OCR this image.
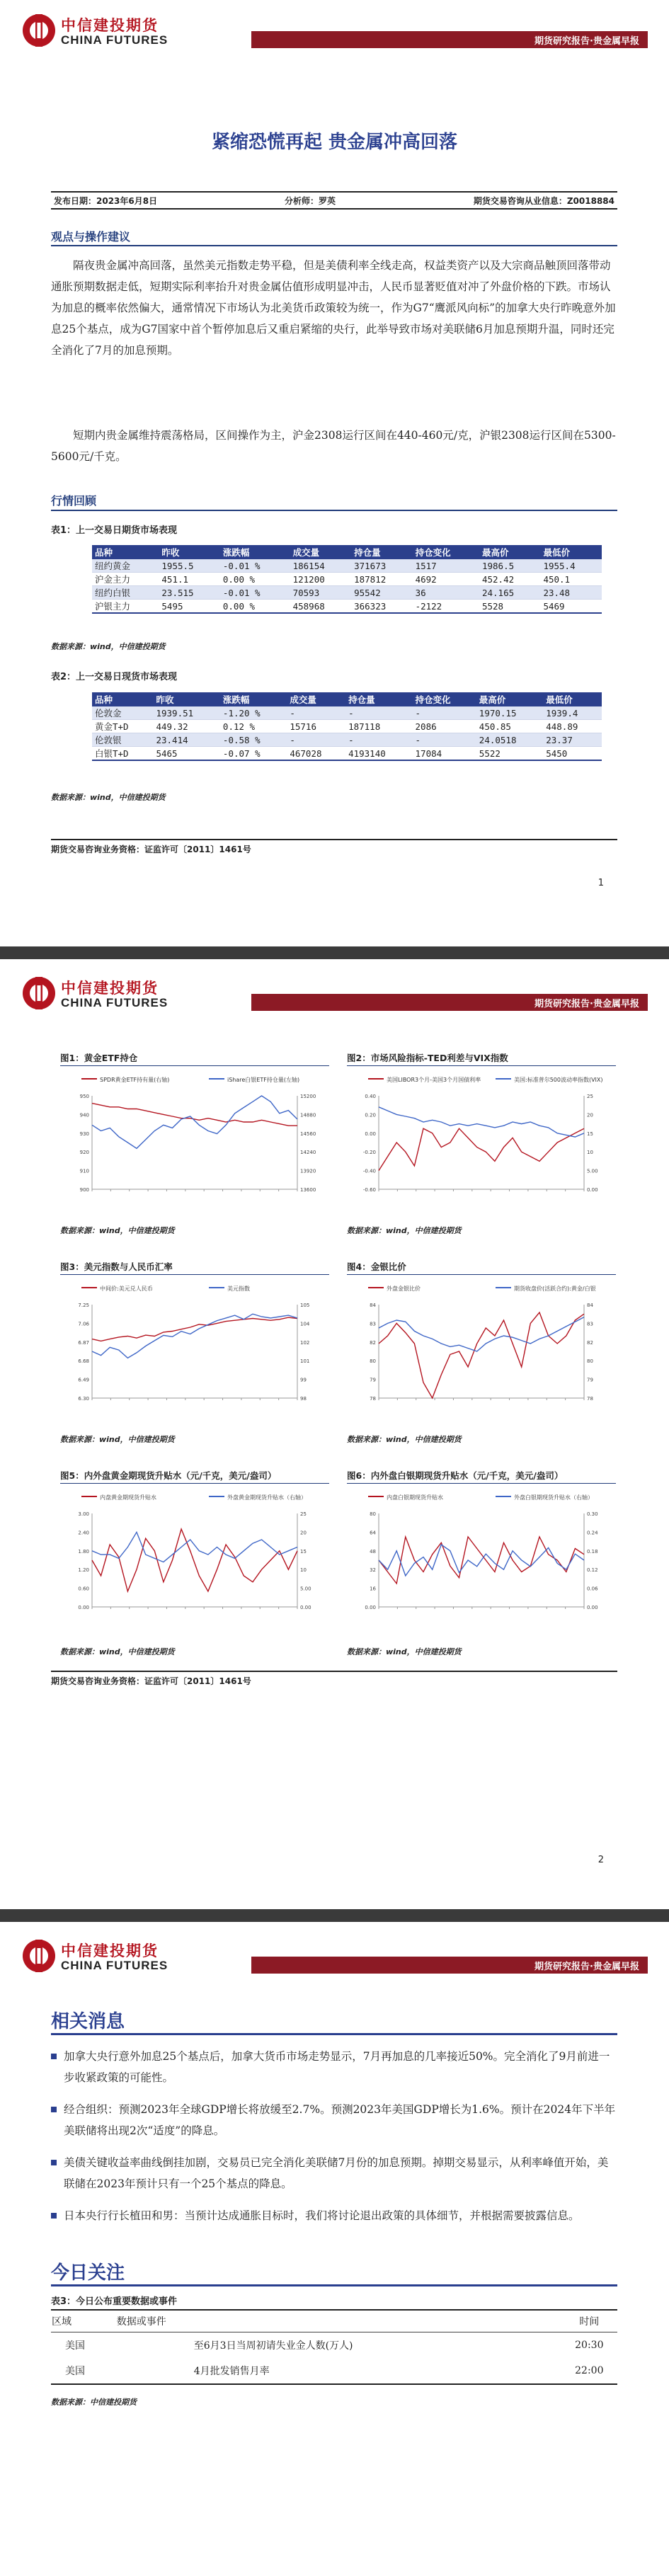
中信建投期货
CHINA FUTURES	期货研究报告·贵金属早报
紧缩恐慌再起 贵金属冲高回落
发布日期：2023年6月8日	分析师：罗英	期货交易咨询从业信息：Z0018884
观点与操作建议
隔夜贵金属冲高回落，虽然美元指数走势平稳，但是美债利率全线走高，权益类资产以及大宗商品触顶回落带动通胀预期数据走低，短期实际利率抬升对贵金属估值形成明显冲击，人民币显著贬值对冲了外盘价格的下跌。市场认为加息的概率依然偏大，通常情况下市场认为北美货币政策较为统一，作为G7“鹰派风向标”的加拿大央行昨晚意外加息25个基点，成为G7国家中首个暂停加息后又重启紧缩的央行，此举导致市场对美联储6月加息预期升温，同时还完全消化了7月的加息预期。
短期内贵金属维持震荡格局，区间操作为主，沪金2308运行区间在440-460元/克，沪银2308运行区间在5300-5600元/千克。
行情回顾
表1：上一交易日期货市场表现
品种	昨收	涨跌幅	成交量	持仓量	持仓变化	最高价	最低价
纽约黄金	1955.5	-0.01 %	186154	371673	1517	1986.5	1955.4
沪金主力	451.1	0.00 %	121200	187812	4692	452.42	450.1
纽约白银	23.515	-0.01 %	70593	95542	36	24.165	23.48
沪银主力	5495	0.00 %	458968	366323	-2122	5528	5469
数据来源：wind，中信建投期货
表2：上一交易日现货市场表现
品种	昨收	涨跌幅	成交量	持仓量	持仓变化	最高价	最低价
伦敦金	1939.51	-1.20 %	-	-	-	1970.15	1939.4
黄金T+D	449.32	0.12 %	15716	187118	2086	450.85	448.89
伦敦银	23.414	-0.58 %	-	-	-	24.0518	23.37
白银T+D	5465	-0.07 %	467028	4193140	17084	5522	5450
数据来源：wind，中信建投期货
期货交易咨询业务资格：证监许可〔2011〕1461号
1
中信建投期货
CHINA FUTURES	期货研究报告·贵金属早报
图1：黄金ETF持仓
SPDR黄金ETF持有量(右轴)	iShare白银ETF持仓量(左轴)
900	13600
910	13920
920	14240
930	14560
940	14880
950	15200
数据来源：wind，中信建投期货
图2：市场风险指标-TED利差与VIX指数
美国LIBOR3个月-美国3个月国债利率	美国:标准普尔500波动率指数(VIX)
-0.60	0.00
-0.40	5.00
-0.20	10
0.00	15
0.20	20
0.40	25
数据来源：wind，中信建投期货
图3：美元指数与人民币汇率
中间价:美元兑人民币	美元指数
6.30	98
6.49	99
6.68	101
6.87	102
7.06	104
7.25	105
数据来源：wind，中信建投期货
图4：金银比价
外盘金银比价	期货收盘价(活跃合约):黄金/白银
78	78
79	79
80	80
82	82
83	83
84	84
数据来源：wind，中信建投期货
图5：内外盘黄金期现货升贴水（元/千克，美元/盎司）
内盘黄金期现货升贴水	外盘黄金期现货升贴水（右轴）
0.00	0.00
0.60	5.00
1.20	10
1.80	15
2.40	20
3.00	25
数据来源：wind，中信建投期货
图6：内外盘白银期现货升贴水（元/千克，美元/盎司）
内盘白银期现货升贴水	外盘白银期现货升贴水（右轴）
0.00	0.00
16	0.06
32	0.12
48	0.18
64	0.24
80	0.30
数据来源：wind，中信建投期货
期货交易咨询业务资格：证监许可〔2011〕1461号
2
中信建投期货
CHINA FUTURES	期货研究报告·贵金属早报
相关消息
加拿大央行意外加息25个基点后，加拿大货币市场走势显示，7月再加息的几率接近50%。完全消化了9月前进一步收紧政策的可能性。
经合组织：预测2023年全球GDP增长将放缓至2.7%。预测2023年美国GDP增长为1.6%。预计在2024年下半年美联储将出现2次“适度”的降息。
美债关键收益率曲线倒挂加剧，交易员已完全消化美联储7月份的加息预期。掉期交易显示，从利率峰值开始，美联储在2023年预计只有一个25个基点的降息。
日本央行行长植田和男：当预计达成通胀目标时，我们将讨论退出政策的具体细节，并根据需要披露信息。
今日关注
表3：今日公布重要数据或事件
区域	数据或事件	时间
美国	至6月3日当周初请失业金人数(万人)	20:30
美国	4月批发销售月率	22:00
数据来源：中信建投期货
